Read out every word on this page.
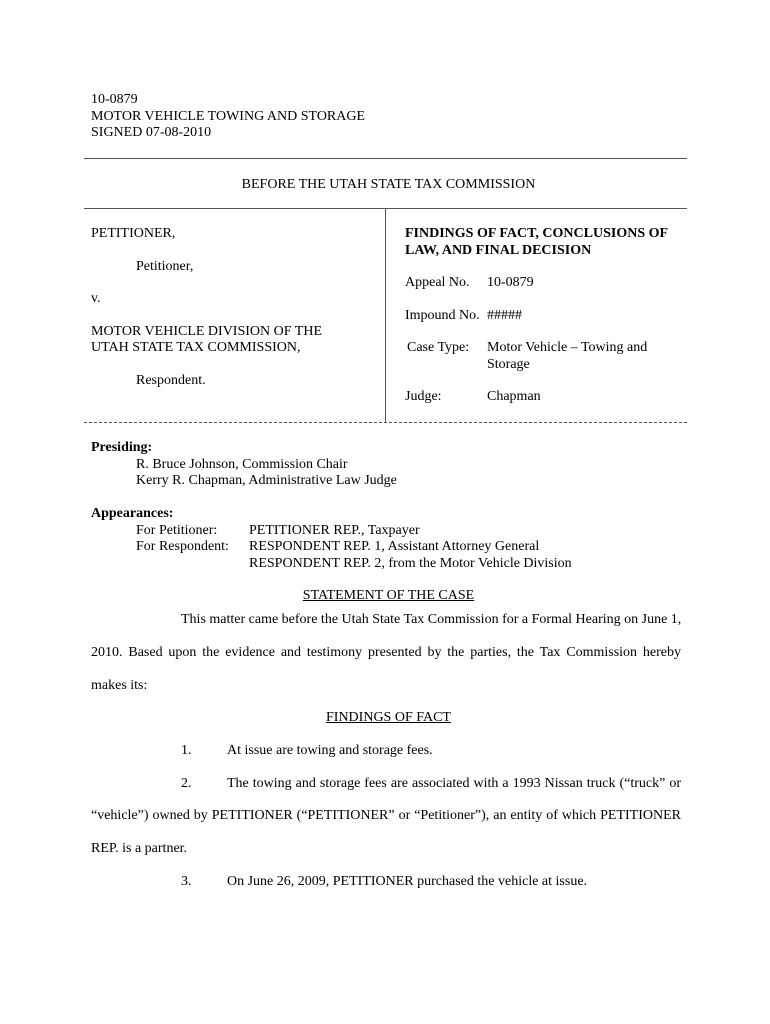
10-0879
MOTOR VEHICLE TOWING AND STORAGE
SIGNED 07-08-2010
BEFORE THE UTAH STATE TAX COMMISSION
PETITIONER,
Petitioner,
v.
MOTOR VEHICLE DIVISION OF THE
UTAH STATE TAX COMMISSION,
Respondent.
FINDINGS OF FACT, CONCLUSIONS OF
LAW, AND FINAL DECISION
Appeal No.	10-0879
Impound No. #####
Case Type:	Motor Vehicle – Towing and
Storage
Judge:	Chapman
Presiding:
R. Bruce Johnson, Commission Chair
Kerry R. Chapman, Administrative Law Judge
Appearances:
For Petitioner:	PETITIONER REP., Taxpayer
For Respondent:	RESPONDENT REP. 1, Assistant Attorney General
RESPONDENT REP. 2, from the Motor Vehicle Division
STATEMENT OF THE CASE
This matter came before the Utah State Tax Commission for a Formal Hearing on June 1,
2010. Based upon the evidence and testimony presented by the parties, the Tax Commission hereby
makes its:
FINDINGS OF FACT
1.	At issue are towing and storage fees.
2.	The towing and storage fees are associated with a 1993 Nissan truck (“truck” or
“vehicle”) owned by PETITIONER (“PETITIONER” or “Petitioner”), an entity of which PETITIONER
REP. is a partner.
3.	On June 26, 2009, PETITIONER purchased the vehicle at issue.
